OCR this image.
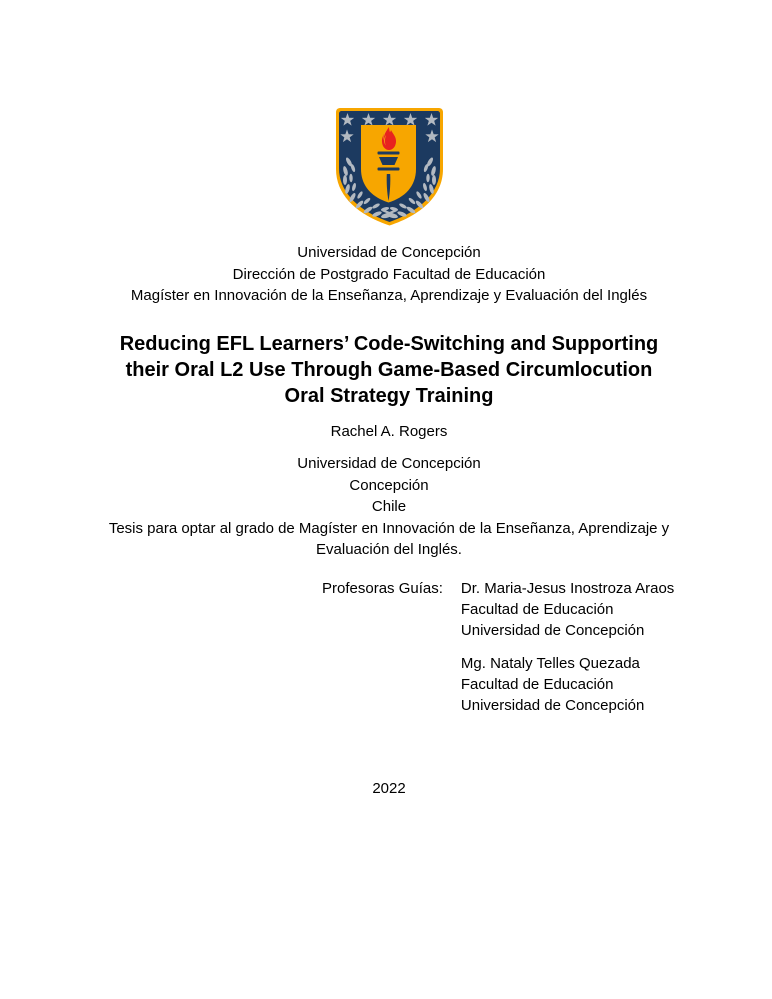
Universidad de Concepción
Dirección de Postgrado Facultad de Educación
Magíster en Innovación de la Enseñanza, Aprendizaje y Evaluación del Inglés
Reducing EFL Learners’ Code-Switching and Supporting
their Oral L2 Use Through Game-Based Circumlocution
Oral Strategy Training
Rachel A. Rogers
Universidad de Concepción
Concepción
Chile
Tesis para optar al grado de Magíster en Innovación de la Enseñanza, Aprendizaje y
Evaluación del Inglés.
Profesoras Guías: Dr. Maria-Jesus Inostroza Araos
Facultad de Educación
Universidad de Concepción
Mg. Nataly Telles Quezada
Facultad de Educación
Universidad de Concepción
2022
